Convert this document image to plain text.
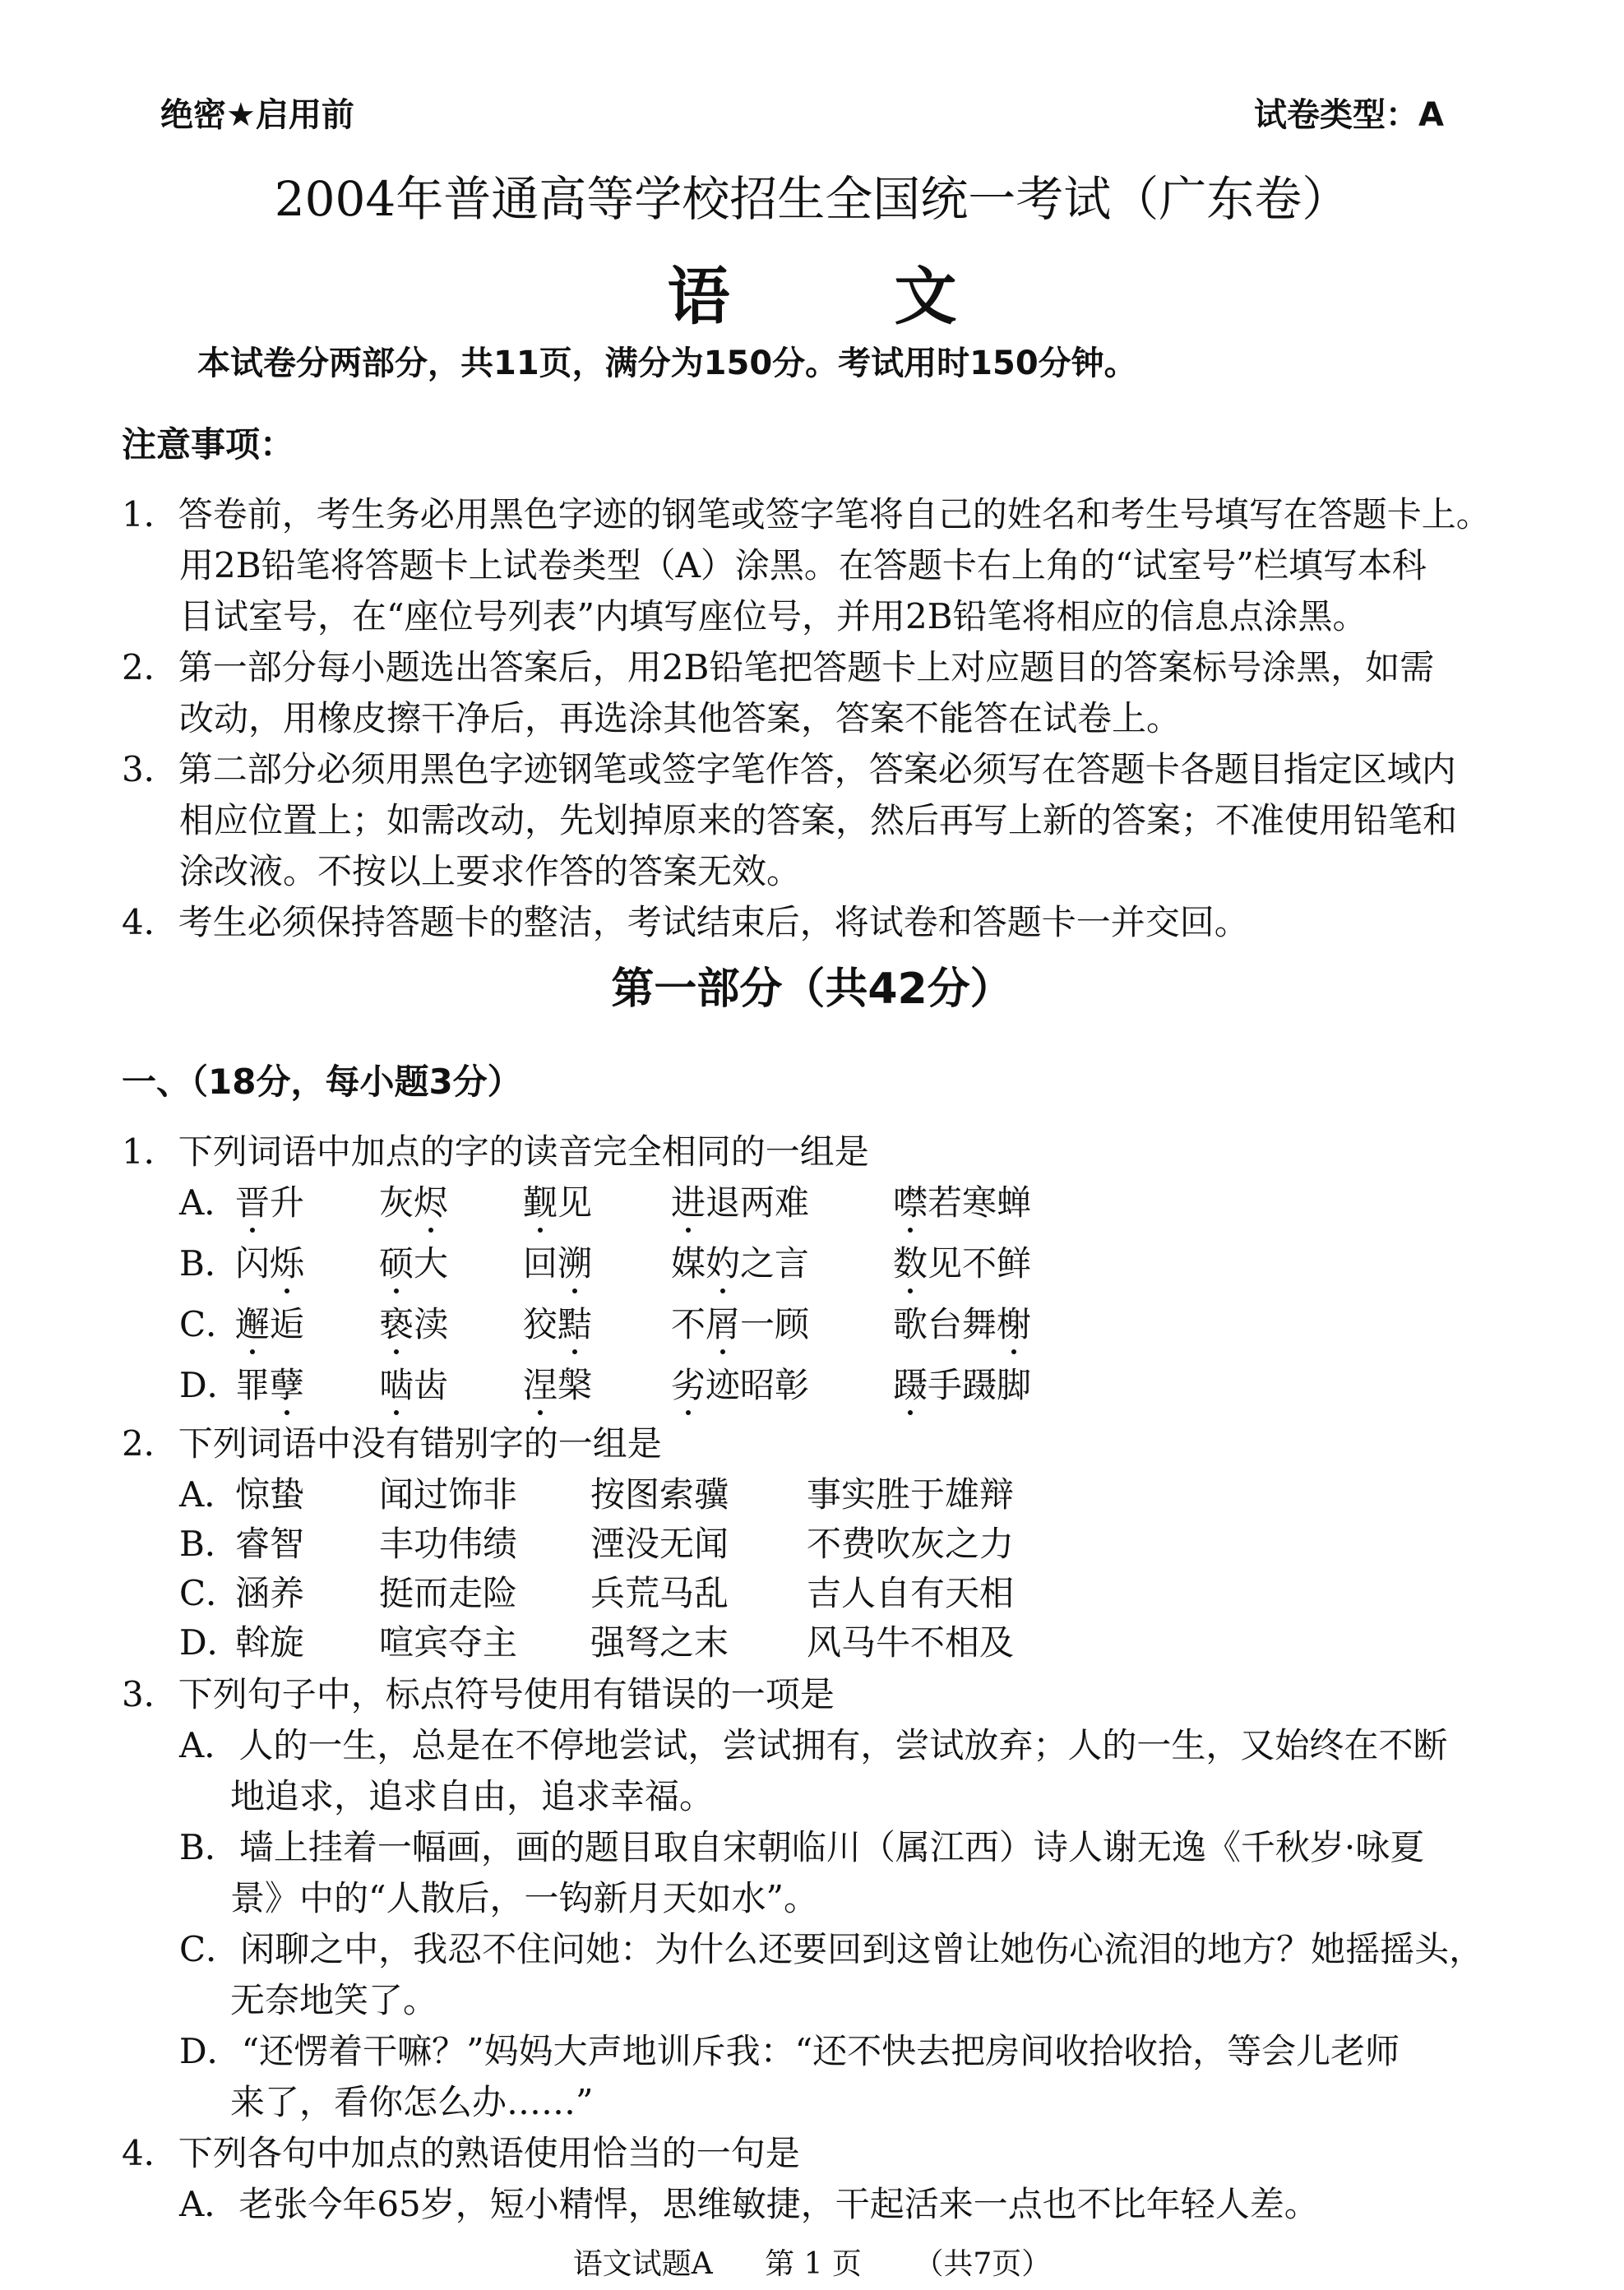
绝密★启用前	试卷类型：A
2004年普通高等学校招生全国统一考试（广东卷）
语文
本试卷分两部分，共11页，满分为150分。考试用时150分钟。
注意事项：
1．答卷前，考生务必用黑色字迹的钢笔或签字笔将自己的姓名和考生号填写在答题卡上。
用2B铅笔将答题卡上试卷类型（A）涂黑。在答题卡右上角的“试室号”栏填写本科
目试室号，在“座位号列表”内填写座位号，并用2B铅笔将相应的信息点涂黑。
2．第一部分每小题选出答案后，用2B铅笔把答题卡上对应题目的答案标号涂黑，如需
改动，用橡皮擦干净后，再选涂其他答案，答案不能答在试卷上。
3．第二部分必须用黑色字迹钢笔或签字笔作答，答案必须写在答题卡各题目指定区域内
相应位置上；如需改动，先划掉原来的答案，然后再写上新的答案；不准使用铅笔和
涂改液。不按以上要求作答的答案无效。
4．考生必须保持答题卡的整洁，考试结束后，将试卷和答题卡一并交回。
第一部分（共42分）
一、（18分，每小题3分）
1．下列词语中加点的字的读音完全相同的一组是
A．
晋升 灰烬 觐见 进退两难 噤若寒蝉
B．
闪烁 硕大 回溯 媒妁之言 数见不鲜
C．
邂逅 亵渎 狡黠 不屑一顾 歌台舞榭
D．
罪孽 啮齿 涅槃 劣迹昭彰 蹑手蹑脚
2．下列词语中没有错别字的一组是
A．
惊蛰 闻过饰非 按图索骥 事实胜于雄辩
B．
睿智 丰功伟绩 湮没无闻 不费吹灰之力
C．
涵养 挺而走险 兵荒马乱 吉人自有天相
D．
斡旋 喧宾夺主 强弩之末 风马牛不相及
3．下列句子中，标点符号使用有错误的一项是
A．人的一生，总是在不停地尝试，尝试拥有，尝试放弃；人的一生，又始终在不断
地追求，追求自由，追求幸福。
B．墙上挂着一幅画，画的题目取自宋朝临川（属江西）诗人谢无逸《千秋岁·咏夏
景》中的“人散后，一钩新月天如水”。
C．闲聊之中，我忍不住问她：为什么还要回到这曾让她伤心流泪的地方？她摇摇头，
无奈地笑了。
D．“还愣着干嘛？”妈妈大声地训斥我：“还不快去把房间收拾收拾，等会儿老师
来了，看你怎么办……”
4．下列各句中加点的熟语使用恰当的一句是
A．老张今年65岁，短小精悍，思维敏捷，干起活来一点也不比年轻人差。
语文试题A 第 1 页 （共7页）
